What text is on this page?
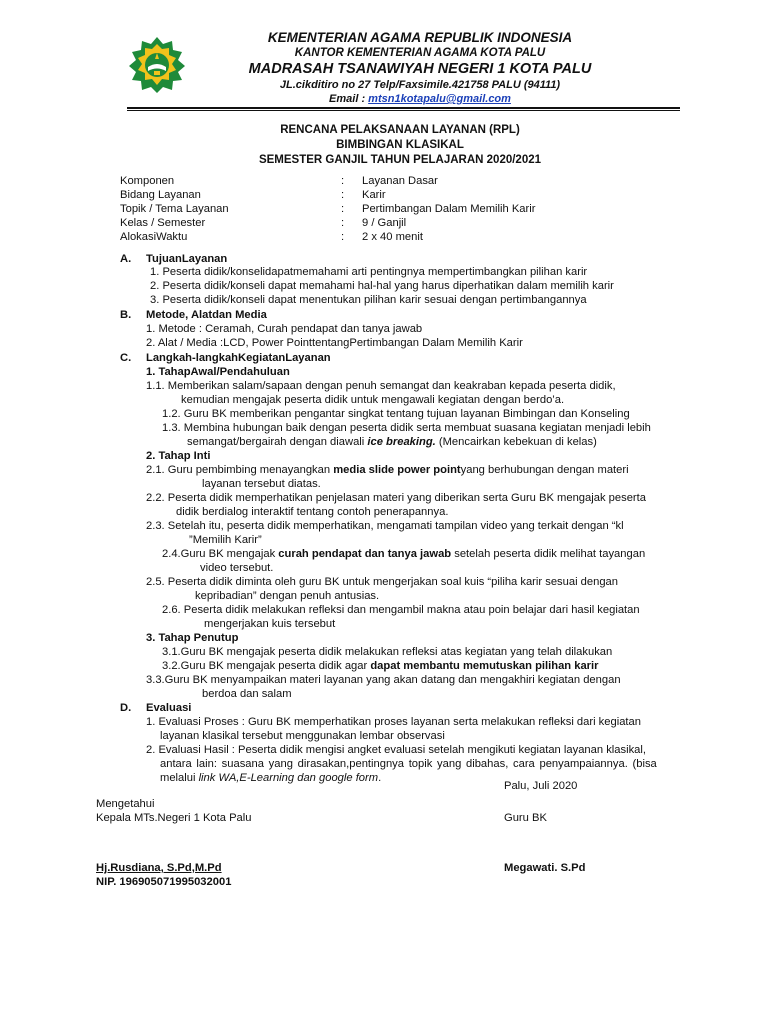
KEMENTERIAN AGAMA REPUBLIK INDONESIA
KANTOR KEMENTERIAN AGAMA KOTA PALU
MADRASAH TSANAWIYAH NEGERI 1 KOTA PALU
JL.cikditiro no 27 Telp/Faxsimile.421758 PALU (94111)
Email : mtsn1kotapalu@gmail.com
RENCANA PELAKSANAAN LAYANAN (RPL)
BIMBINGAN KLASIKAL
SEMESTER GANJIL TAHUN PELAJARAN 2020/2021
Komponen	: Layanan Dasar
Bidang Layanan	: Karir
Topik / Tema Layanan	: Pertimbangan Dalam Memilih Karir
Kelas / Semester	: 9 / Ganjil
AlokasiWaktu	: 2 x 40 menit
A. TujuanLayanan
1. Peserta didik/konselidapatmemahami arti pentingnya mempertimbangkan pilihan karir
2. Peserta didik/konseli dapat memahami hal-hal yang harus diperhatikan dalam memilih karir
3. Peserta didik/konseli dapat menentukan pilihan karir sesuai dengan pertimbangannya
B. Metode, Alatdan Media
1. Metode : Ceramah, Curah pendapat dan tanya jawab
2. Alat / Media :LCD, Power PointtentangPertimbangan Dalam Memilih Karir
C. Langkah-langkahKegiatanLayanan
1. TahapAwal/Pendahuluan
1.1. Memberikan salam/sapaan dengan penuh semangat dan keakraban kepada peserta didik,
kemudian mengajak peserta didik untuk mengawali kegiatan dengan berdo’a.
1.2. Guru BK memberikan pengantar singkat tentang tujuan layanan Bimbingan dan Konseling
1.3. Membina hubungan baik dengan peserta didik serta membuat suasana kegiatan menjadi lebih
semangat/bergairah dengan diawali ice breaking. (Mencairkan kebekuan di kelas)
2. Tahap Inti
2.1. Guru pembimbing menayangkan media slide power pointyang berhubungan dengan materi
layanan tersebut diatas.
2.2. Peserta didik memperhatikan penjelasan materi yang diberikan serta Guru BK mengajak peserta
didik berdialog interaktif tentang contoh penerapannya.
2.3. Setelah itu, peserta didik memperhatikan, mengamati tampilan video yang terkait dengan “kl
”Memilih Karir”
2.4.Guru BK mengajak curah pendapat dan tanya jawab setelah peserta didik melihat tayangan
video tersebut.
2.5. Peserta didik diminta oleh guru BK untuk mengerjakan soal kuis “piliha karir sesuai dengan
kepribadian” dengan penuh antusias.
2.6. Peserta didik melakukan refleksi dan mengambil makna atau poin belajar dari hasil kegiatan
mengerjakan kuis tersebut
3. Tahap Penutup
3.1.Guru BK mengajak peserta didik melakukan refleksi atas kegiatan yang telah dilakukan
3.2.Guru BK mengajak peserta didik agar dapat membantu memutuskan pilihan karir
3.3.Guru BK menyampaikan materi layanan yang akan datang dan mengakhiri kegiatan dengan
berdoa dan salam
D. Evaluasi
1. Evaluasi Proses : Guru BK memperhatikan proses layanan serta melakukan refleksi dari kegiatan
layanan klasikal tersebut menggunakan lembar observasi
2. Evaluasi Hasil : Peserta didik mengisi angket evaluasi setelah mengikuti kegiatan layanan klasikal,
antara lain: suasana yang dirasakan,pentingnya topik yang dibahas, cara penyampaiannya. (bisa
melalui link WA,E-Learning dan google form.
Palu, Juli 2020
Mengetahui
Kepala MTs.Negeri 1 Kota Palu	Guru BK
Hj.Rusdiana, S.Pd,M.Pd
NIP. 196905071995032001
Megawati. S.Pd
